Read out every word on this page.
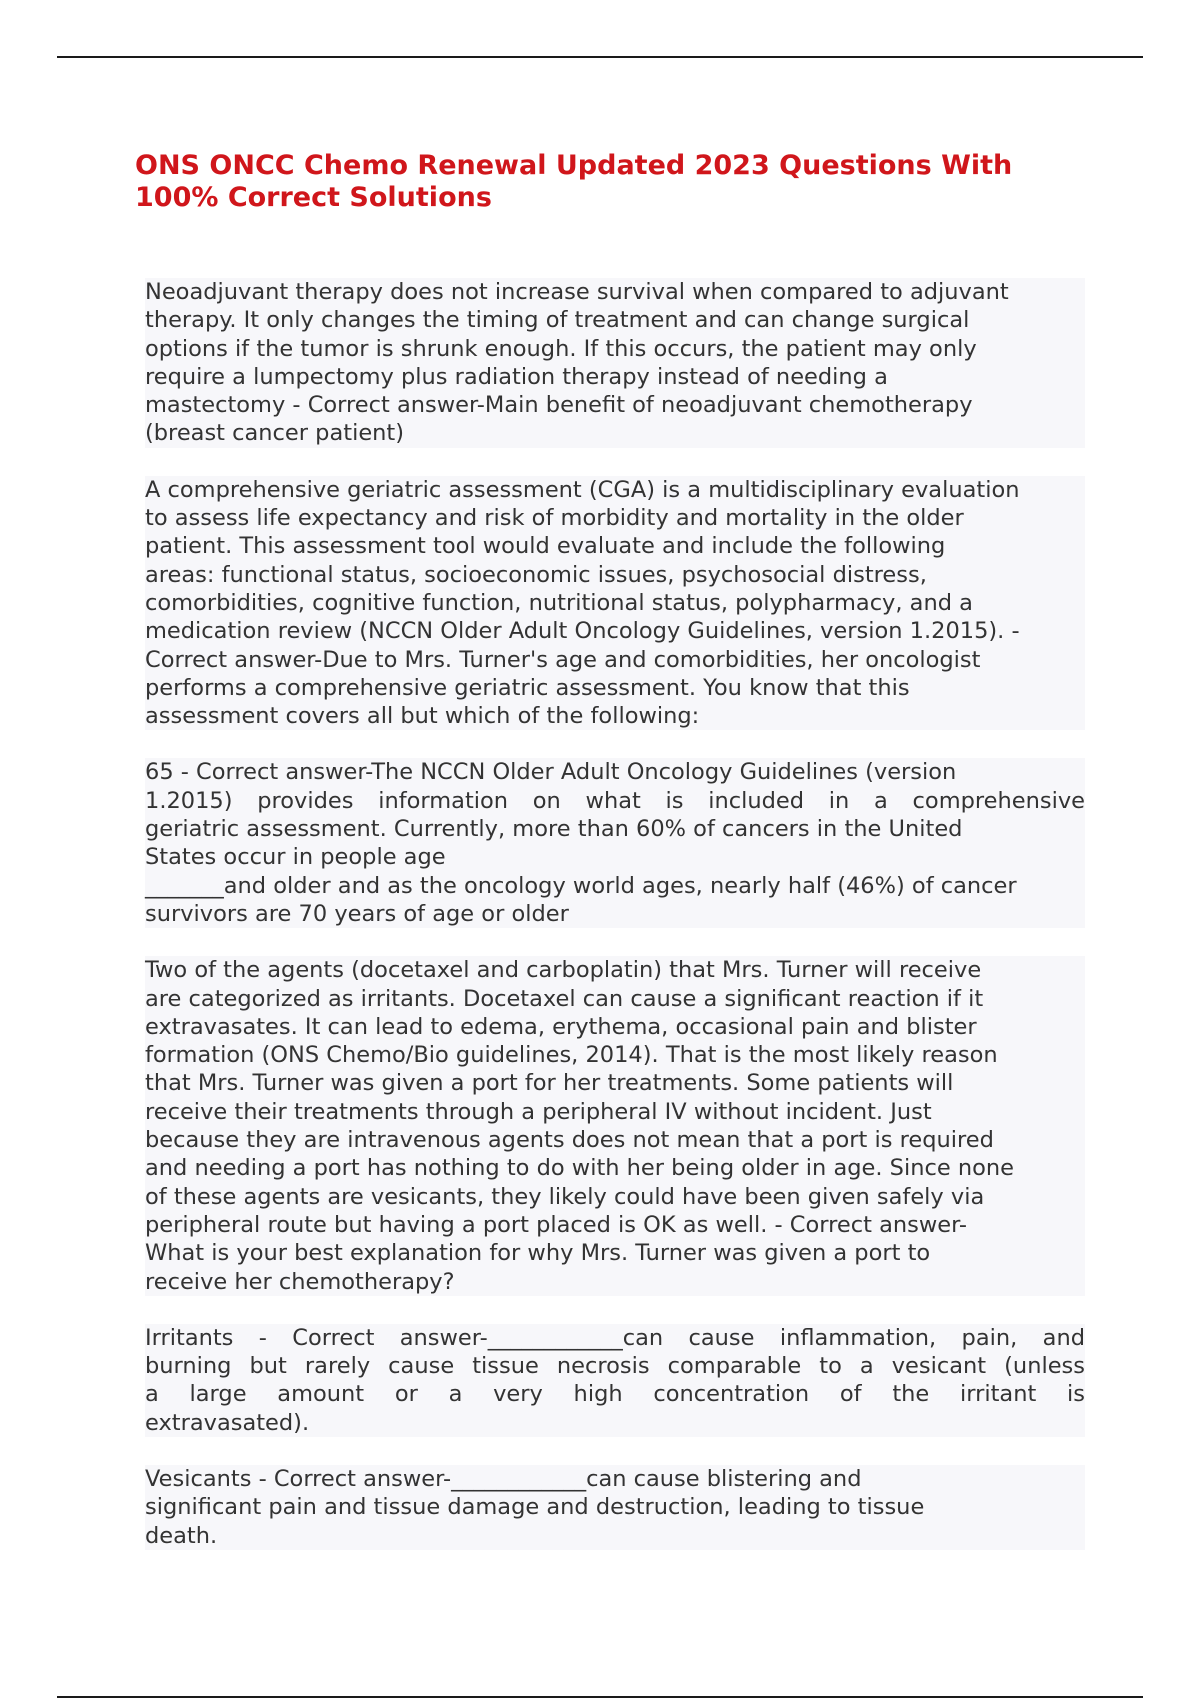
ONS ONCC Chemo Renewal Updated 2023 Questions With
100% Correct Solutions

Neoadjuvant therapy does not increase survival when compared to adjuvant
therapy. It only changes the timing of treatment and can change surgical
options if the tumor is shrunk enough. If this occurs, the patient may only
require a lumpectomy plus radiation therapy instead of needing a
mastectomy - Correct answer-Main benefit of neoadjuvant chemotherapy
(breast cancer patient)

A comprehensive geriatric assessment (CGA) is a multidisciplinary evaluation
to assess life expectancy and risk of morbidity and mortality in the older
patient. This assessment tool would evaluate and include the following
areas: functional status, socioeconomic issues, psychosocial distress,
comorbidities, cognitive function, nutritional status, polypharmacy, and a
medication review (NCCN Older Adult Oncology Guidelines, version 1.2015). -
Correct answer-Due to Mrs. Turner's age and comorbidities, her oncologist
performs a comprehensive geriatric assessment. You know that this
assessment covers all but which of the following:

65 - Correct answer-The NCCN Older Adult Oncology Guidelines (version
1.2015) provides information on what is included in a comprehensive
geriatric assessment. Currently, more than 60% of cancers in the United
States occur in people age
_______and older and as the oncology world ages, nearly half (46%) of cancer
survivors are 70 years of age or older

Two of the agents (docetaxel and carboplatin) that Mrs. Turner will receive
are categorized as irritants. Docetaxel can cause a significant reaction if it
extravasates. It can lead to edema, erythema, occasional pain and blister
formation (ONS Chemo/Bio guidelines, 2014). That is the most likely reason
that Mrs. Turner was given a port for her treatments. Some patients will
receive their treatments through a peripheral IV without incident. Just
because they are intravenous agents does not mean that a port is required
and needing a port has nothing to do with her being older in age. Since none
of these agents are vesicants, they likely could have been given safely via
peripheral route but having a port placed is OK as well. - Correct answer-
What is your best explanation for why Mrs. Turner was given a port to
receive her chemotherapy?

Irritants - Correct answer-____________can cause inflammation, pain, and
burning but rarely cause tissue necrosis comparable to a vesicant (unless
a large amount or a very high concentration of the irritant is
extravasated).

Vesicants - Correct answer-____________can cause blistering and
significant pain and tissue damage and destruction, leading to tissue
death.
